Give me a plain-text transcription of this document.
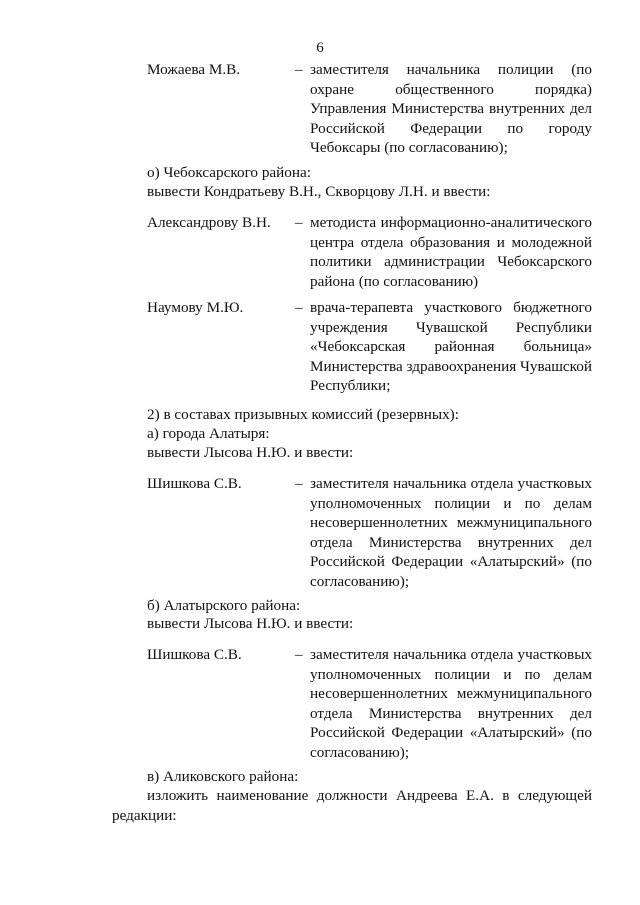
6
Можаева М.В.	– заместителя начальника полиции (по охране общественного порядка) Управления Министерства внутренних дел Российской Федерации по городу Чебоксары (по согласованию);
о) Чебоксарского района:
вывести Кондратьеву В.Н., Скворцову Л.Н. и ввести:
Александрову В.Н.	– методиста информационно-аналитического центра отдела образования и молодежной политики администрации Чебоксарского района (по согласованию)
Наумову М.Ю.	– врача-терапевта участкового бюджетного учреждения Чувашской Республики «Чебоксарская районная больница» Министерства здравоохранения Чувашской Республики;
2) в составах призывных комиссий (резервных):
а) города Алатыря:
вывести Лысова Н.Ю. и ввести:
Шишкова С.В.	– заместителя начальника отдела участковых уполномоченных полиции и по делам несовершеннолетних межмуниципального отдела Министерства внутренних дел Российской Федерации «Алатырский» (по согласованию);
б) Алатырского района:
вывести Лысова Н.Ю. и ввести:
Шишкова С.В.	– заместителя начальника отдела участковых уполномоченных полиции и по делам несовершеннолетних межмуниципального отдела Министерства внутренних дел Российской Федерации «Алатырский» (по согласованию);
в) Аликовского района:
изложить наименование должности Андреева Е.А. в следующей редакции:
